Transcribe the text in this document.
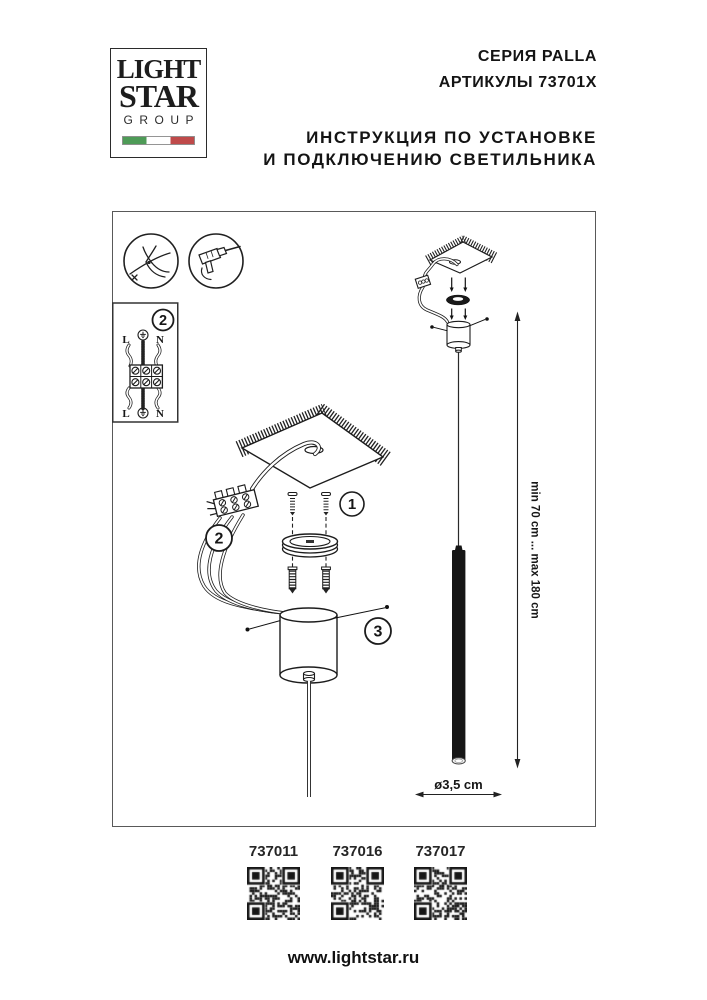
LIGHT
STAR
GROUP
СЕРИЯ PALLA
АРТИКУЛЫ 73701X
ИНСТРУКЦИЯ ПО УСТАНОВКЕ
И ПОДКЛЮЧЕНИЮ СВЕТИЛЬНИКА
2
L N
L N
2
1
3
min 70 cm ... max 180 cm
ø3,5 cm
737011 737016 737017
www.lightstar.ru
